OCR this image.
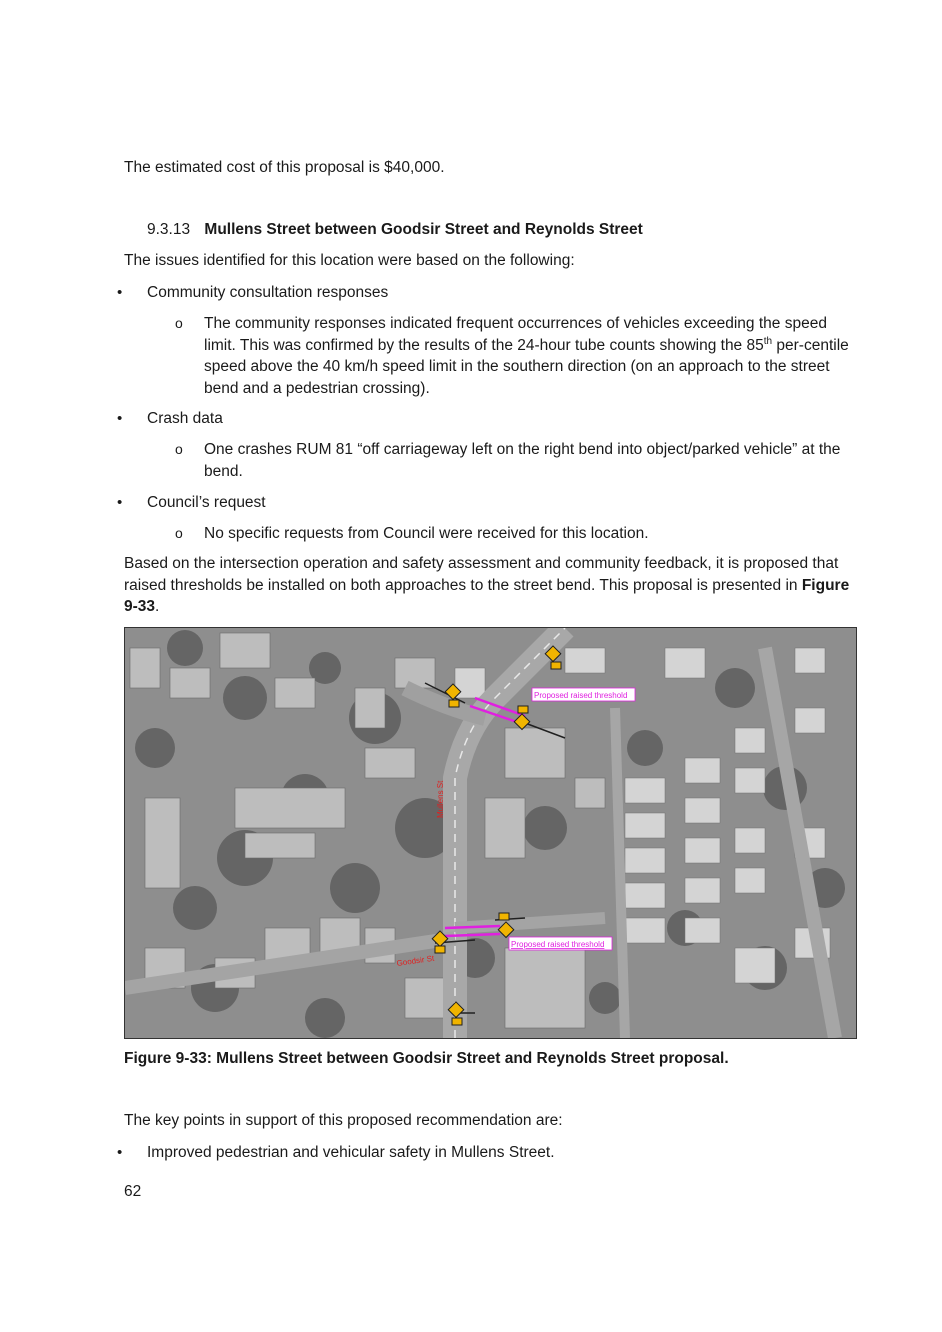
The estimated cost of this proposal is $40,000.

9.3.13 Mullens Street between Goodsir Street and Reynolds Street

The issues identified for this location were based on the following:

• Community consultation responses
o The community responses indicated frequent occurrences of vehicles exceeding the speed limit. This was confirmed by the results of the 24-hour tube counts showing the 85th per-centile speed above the 40 km/h speed limit in the southern direction (on an approach to the street bend and a pedestrian crossing).
• Crash data
o One crashes RUM 81 “off carriageway left on the right bend into object/parked vehicle” at the bend.
• Council’s request
o No specific requests from Council were received for this location.

Based on the intersection operation and safety assessment and community feedback, it is proposed that raised thresholds be installed on both approaches to the street bend. This proposal is presented in Figure 9-33.

Proposed raised threshold
Proposed raised threshold
Mullens St
Goodsir St
Figure 9-33: Mullens Street between Goodsir Street and Reynolds Street proposal.

The key points in support of this proposed recommendation are:

• Improved pedestrian and vehicular safety in Mullens Street.
62
